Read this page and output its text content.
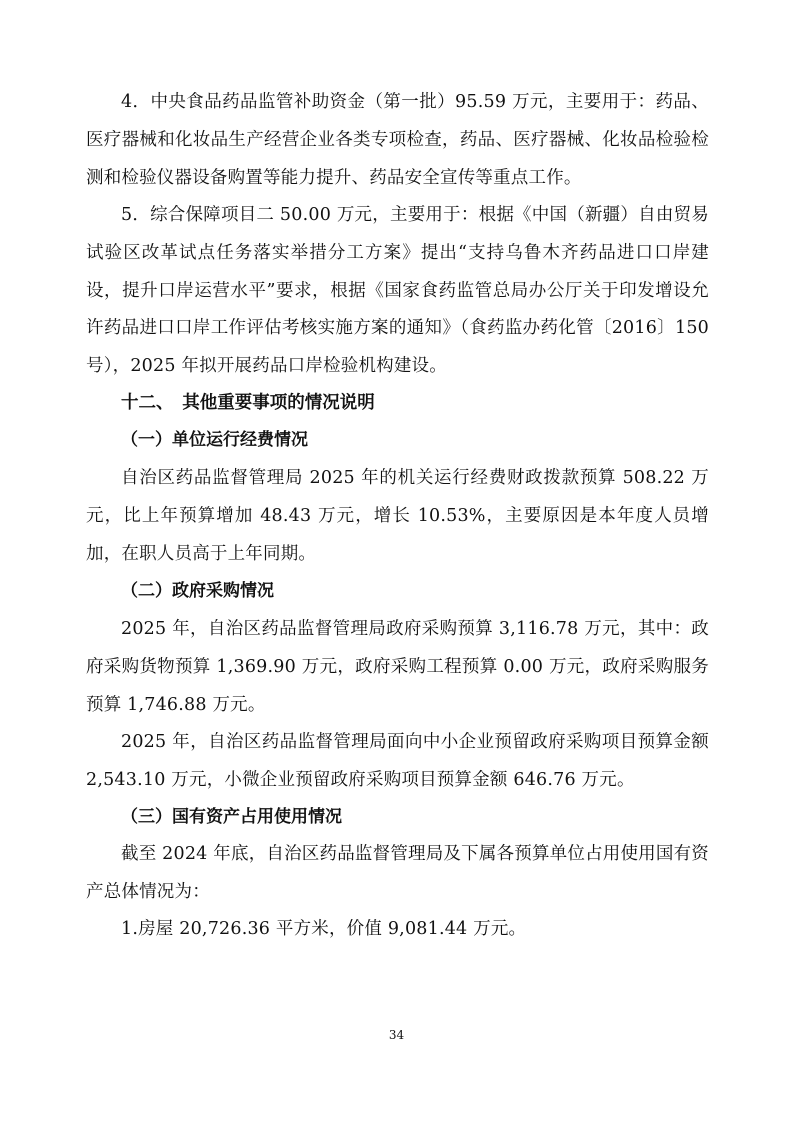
4．中央食品药品监管补助资金（第一批）95.59 万元，主要用于：药品、医疗器械和化妆品生产经营企业各类专项检查，药品、医疗器械、化妆品检验检测和检验仪器设备购置等能力提升、药品安全宣传等重点工作。

5．综合保障项目二 50.00 万元，主要用于：根据《中国（新疆）自由贸易试验区改革试点任务落实举措分工方案》提出“支持乌鲁木齐药品进口口岸建设，提升口岸运营水平”要求，根据《国家食药监管总局办公厅关于印发增设允许药品进口口岸工作评估考核实施方案的通知》（食药监办药化管〔2016〕150 号），2025 年拟开展药品口岸检验机构建设。

十二、　其他重要事项的情况说明
（一）单位运行经费情况

自治区药品监督管理局 2025 年的机关运行经费财政拨款预算 508.22 万元，比上年预算增加 48.43 万元，增长 10.53%，主要原因是本年度人员增加，在职人员高于上年同期。

（二）政府采购情况

2025 年，自治区药品监督管理局政府采购预算 3,116.78 万元，其中：政府采购货物预算 1,369.90 万元，政府采购工程预算 0.00 万元，政府采购服务预算 1,746.88 万元。

2025 年，自治区药品监督管理局面向中小企业预留政府采购项目预算金额 2,543.10 万元，小微企业预留政府采购项目预算金额 646.76 万元。

（三）国有资产占用使用情况

截至 2024 年底，自治区药品监督管理局及下属各预算单位占用使用国有资产总体情况为：

1.房屋 20,726.36 平方米，价值 9,081.44 万元。

34
